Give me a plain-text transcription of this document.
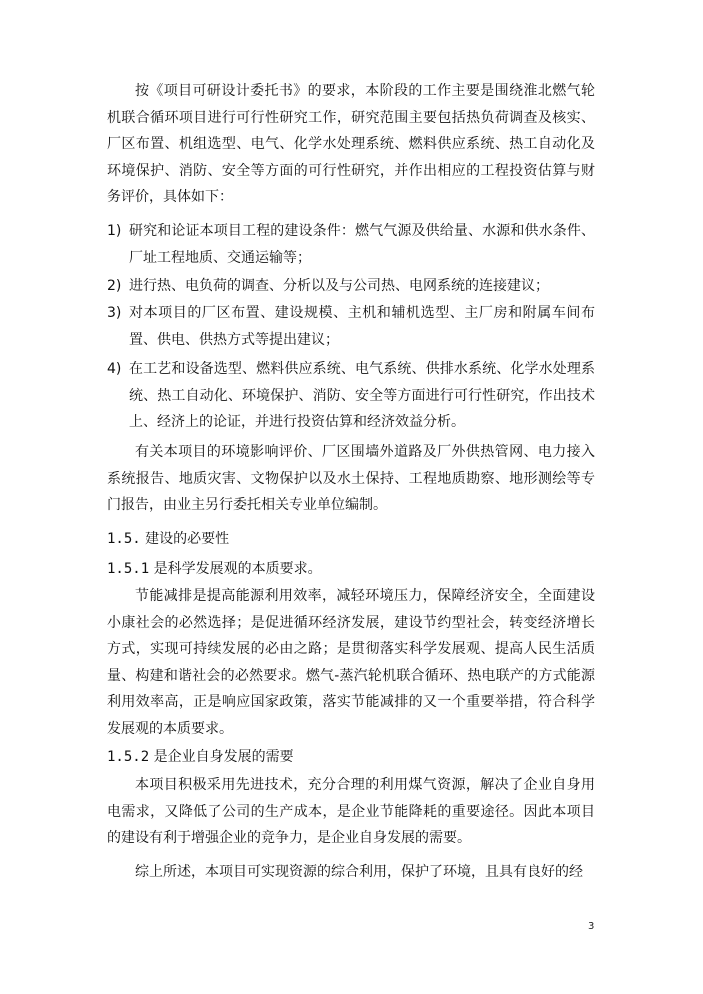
按《项目可研设计委托书》的要求，本阶段的工作主要是围绕淮北燃气轮机联合循环项目进行可行性研究工作，研究范围主要包括热负荷调查及核实、厂区布置、机组选型、电气、化学水处理系统、燃料供应系统、热工自动化及环境保护、消防、安全等方面的可行性研究，并作出相应的工程投资估算与财务评价，具体如下：

1) 研究和论证本项目工程的建设条件：燃气气源及供给量、水源和供水条件、厂址工程地质、交通运输等；
2) 进行热、电负荷的调查、分析以及与公司热、电网系统的连接建议；
3) 对本项目的厂区布置、建设规模、主机和辅机选型、主厂房和附属车间布置、供电、供热方式等提出建议；
4) 在工艺和设备选型、燃料供应系统、电气系统、供排水系统、化学水处理系统、热工自动化、环境保护、消防、安全等方面进行可行性研究，作出技术上、经济上的论证，并进行投资估算和经济效益分析。

有关本项目的环境影响评价、厂区围墙外道路及厂外供热管网、电力接入系统报告、地质灾害、文物保护以及水土保持、工程地质勘察、地形测绘等专门报告，由业主另行委托相关专业单位编制。

1.5. 建设的必要性

1.5.1 是科学发展观的本质要求。

节能减排是提高能源利用效率，减轻环境压力，保障经济安全，全面建设小康社会的必然选择；是促进循环经济发展，建设节约型社会，转变经济增长方式，实现可持续发展的必由之路；是贯彻落实科学发展观、提高人民生活质量、构建和谐社会的必然要求。燃气-蒸汽轮机联合循环、热电联产的方式能源利用效率高，正是响应国家政策，落实节能减排的又一个重要举措，符合科学发展观的本质要求。

1.5.2 是企业自身发展的需要

本项目积极采用先进技术，充分合理的利用煤气资源，解决了企业自身用电需求，又降低了公司的生产成本，是企业节能降耗的重要途径。因此本项目的建设有利于增强企业的竞争力，是企业自身发展的需要。

综上所述，本项目可实现资源的综合利用，保护了环境，且具有良好的经

3
